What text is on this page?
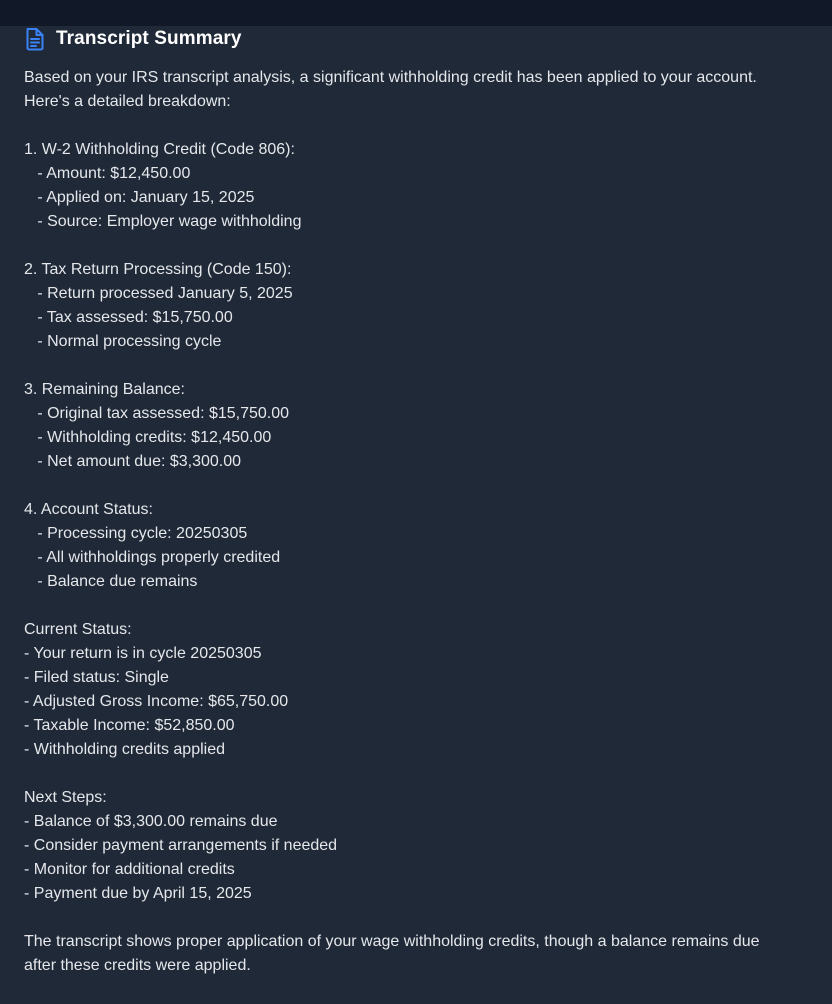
Transcript Summary
Based on your IRS transcript analysis, a significant withholding credit has been applied to your account.
Here's a detailed breakdown:

1. W-2 Withholding Credit (Code 806):
- Amount: $12,450.00
- Applied on: January 15, 2025
- Source: Employer wage withholding

2. Tax Return Processing (Code 150):
- Return processed January 5, 2025
- Tax assessed: $15,750.00
- Normal processing cycle

3. Remaining Balance:
- Original tax assessed: $15,750.00
- Withholding credits: $12,450.00
- Net amount due: $3,300.00

4. Account Status:
- Processing cycle: 20250305
- All withholdings properly credited
- Balance due remains

Current Status:
- Your return is in cycle 20250305
- Filed status: Single
- Adjusted Gross Income: $65,750.00
- Taxable Income: $52,850.00
- Withholding credits applied

Next Steps:
- Balance of $3,300.00 remains due
- Consider payment arrangements if needed
- Monitor for additional credits
- Payment due by April 15, 2025

The transcript shows proper application of your wage withholding credits, though a balance remains due
after these credits were applied.
